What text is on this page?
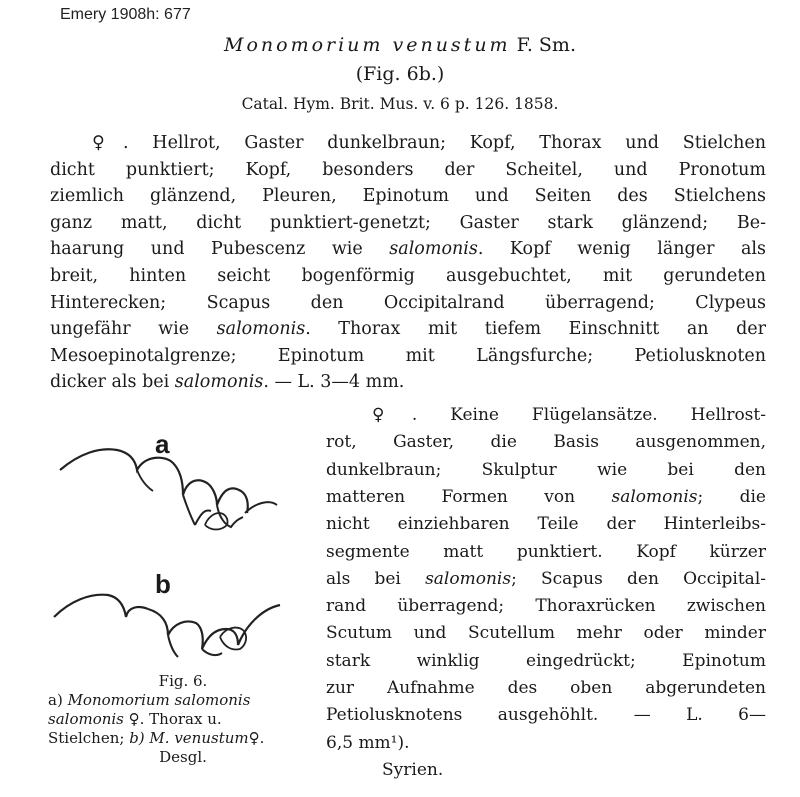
Emery 1908h: 677
Monomorium venustum F. Sm.
(Fig. 6b.)
Catal. Hym. Brit. Mus. v. 6 p. 126. 1858.
♀. Hellrot, Gaster dunkelbraun; Kopf, Thorax und Stielchen
dicht punktiert; Kopf, besonders der Scheitel, und Pronotum
ziemlich glänzend, Pleuren, Epinotum und Seiten des Stielchens
ganz matt, dicht punktiert-genetzt; Gaster stark glänzend; Be-
haarung und Pubescenz wie salomonis. Kopf wenig länger als
breit, hinten seicht bogenförmig ausgebuchtet, mit gerundeten
Hinterecken; Scapus den Occipitalrand überragend; Clypeus
ungefähr wie salomonis. Thorax mit tiefem Einschnitt an der
Mesoepinotalgrenze; Epinotum mit Längsfurche; Petiolusknoten
dicker als bei salomonis. — L. 3—4 mm.
♀. Keine Flügelansätze. Hellrost-
rot, Gaster, die Basis ausgenommen,
dunkelbraun; Skulptur wie bei den
matteren Formen von salomonis; die
nicht einziehbaren Teile der Hinterleibs-
segmente matt punktiert. Kopf kürzer
als bei salomonis; Scapus den Occipital-
rand überragend; Thoraxrücken zwischen
Scutum und Scutellum mehr oder minder
stark winklig eingedrückt; Epinotum
zur Aufnahme des oben abgerundeten
Petiolusknotens ausgehöhlt. — L. 6—
6,5 mm¹).
Syrien.
a
b
Fig. 6.
a) Monomorium salomonis
salomonis ♀. Thorax u.
Stielchen; b) M. venustum♀.
Desgl.
